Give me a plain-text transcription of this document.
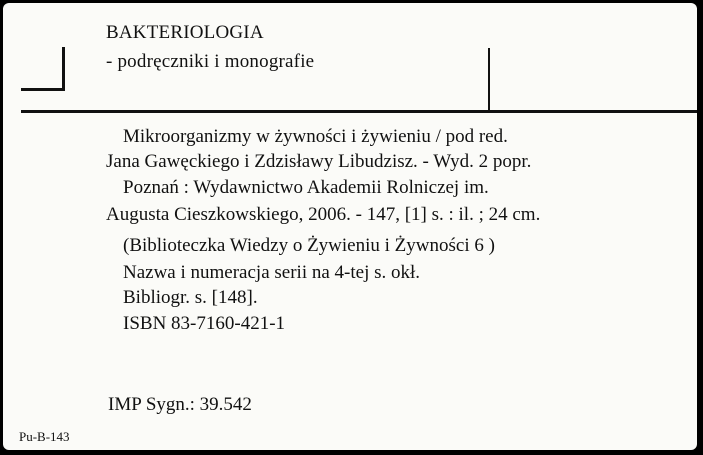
BAKTERIOLOGIA
- podręczniki i monografie
Mikroorganizmy w żywności i żywieniu / pod red.
Jana Gawęckiego i Zdzisławy Libudzisz. - Wyd. 2 popr.
Poznań : Wydawnictwo Akademii Rolniczej im.
Augusta Cieszkowskiego, 2006. - 147, [1] s. : il. ; 24 cm.
(Biblioteczka Wiedzy o Żywieniu i Żywności 6 )
Nazwa i numeracja serii na 4-tej s. okł.
Bibliogr. s. [148].
ISBN 83-7160-421-1
IMP Sygn.: 39.542
Pu-B-143
